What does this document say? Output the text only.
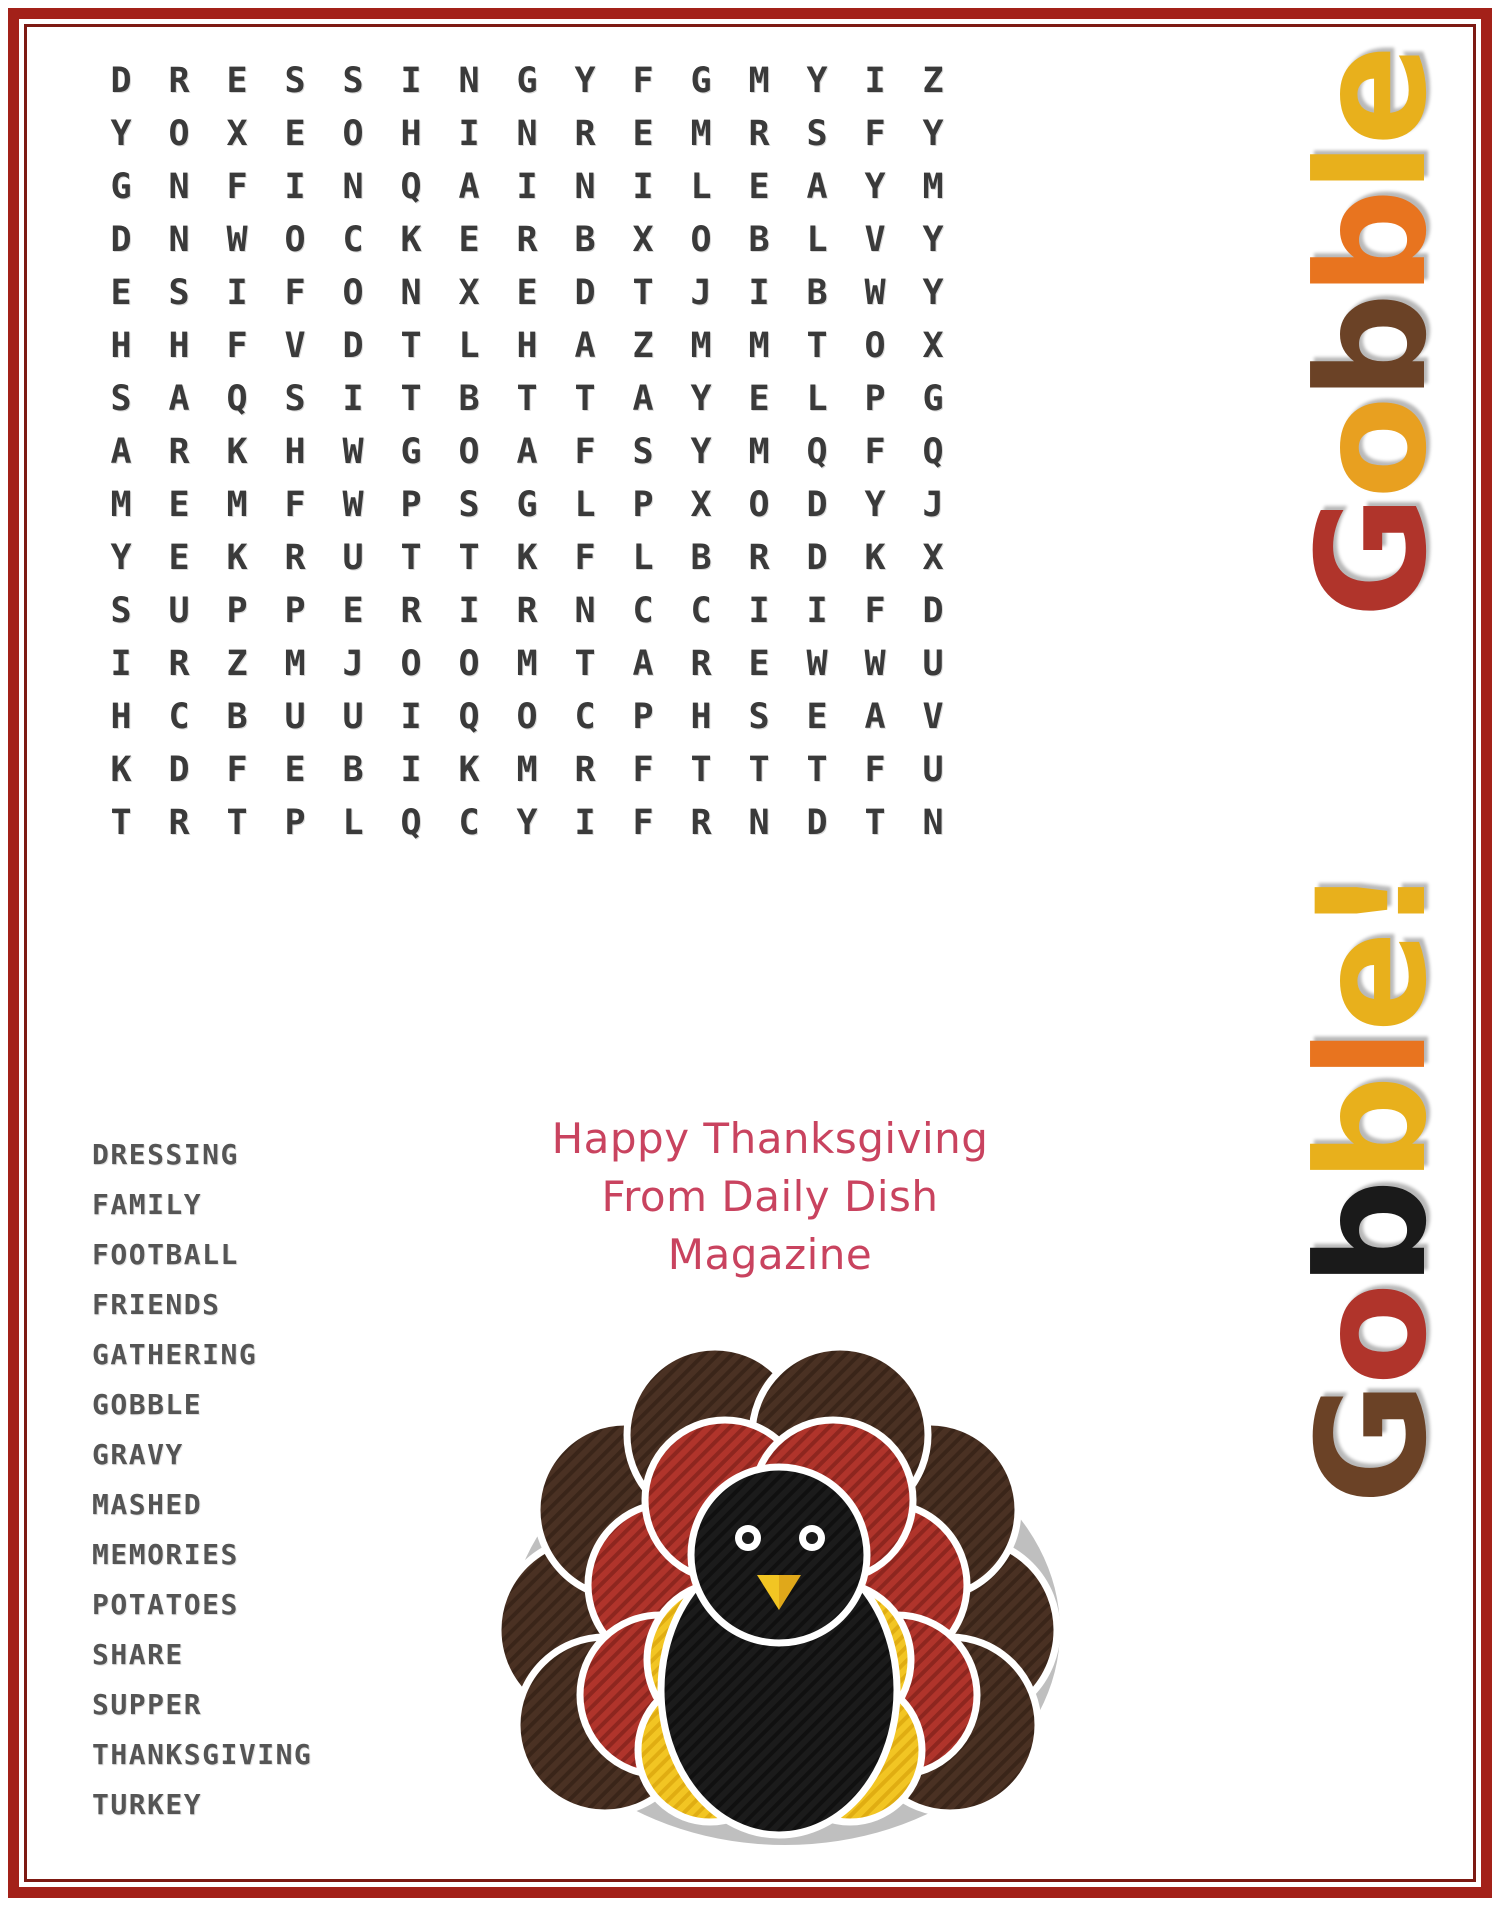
D	R	E	S	S	I	N	G	Y	F	G	M	Y	I	Z
Y	O	X	E	O	H	I	N	R	E	M	R	S	F	Y
G	N	F	I	N	Q	A	I	N	I	L	E	A	Y	M
D	N	W	O	C	K	E	R	B	X	O	B	L	V	Y
E	S	I	F	O	N	X	E	D	T	J	I	B	W	Y
H	H	F	V	D	T	L	H	A	Z	M	M	T	O	X
S	A	Q	S	I	T	B	T	T	A	Y	E	L	P	G
A	R	K	H	W	G	O	A	F	S	Y	M	Q	F	Q
M	E	M	F	W	P	S	G	L	P	X	O	D	Y	J
Y	E	K	R	U	T	T	K	F	L	B	R	D	K	X
S	U	P	P	E	R	I	R	N	C	C	I	I	F	D
I	R	Z	M	J	O	O	M	T	A	R	E	W	W	U
H	C	B	U	U	I	Q	O	C	P	H	S	E	A	V
K	D	F	E	B	I	K	M	R	F	T	T	T	F	U
T	R	T	P	L	Q	C	Y	I	F	R	N	D	T	N
DRESSING
FAMILY
FOOTBALL
FRIENDS
GATHERING
GOBBLE
GRAVY
MASHED
MEMORIES
POTATOES
SHARE
SUPPER
THANKSGIVING
TURKEY
Happy Thanksgiving
From Daily Dish
Magazine
Gobble
Gobble!
